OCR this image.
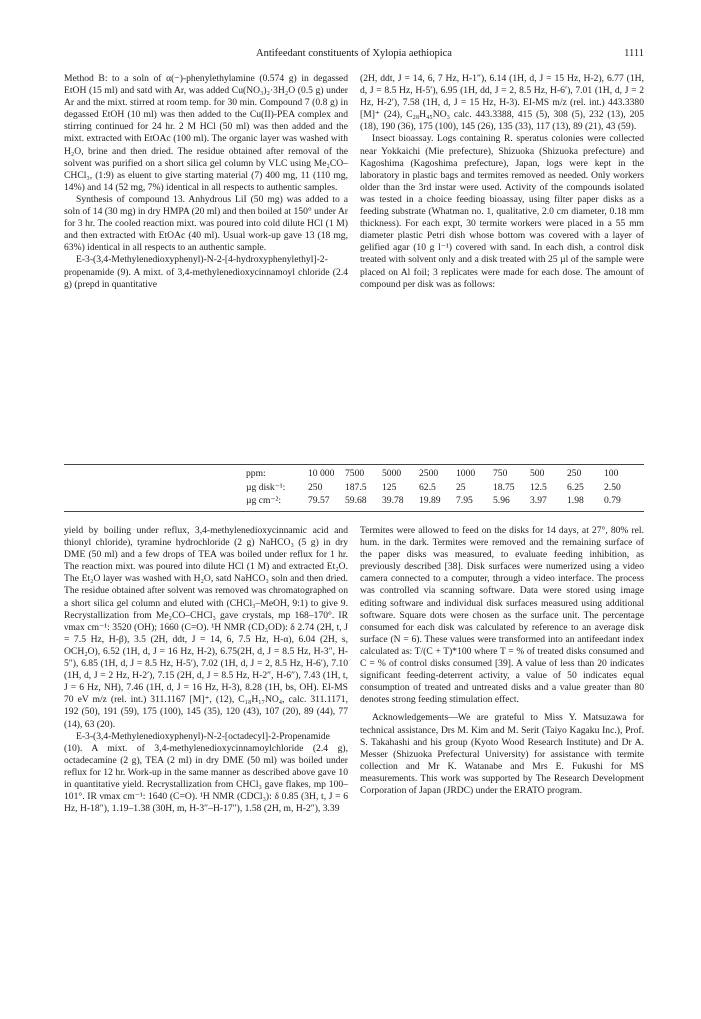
Antifeedant constituents of Xylopia aethiopica	1111

Method B: to a soln of α(−)-phenylethylamine (0.574 g) in degassed EtOH (15 ml) and satd with Ar, was added Cu(NO₃)₂·3H₂O (0.5 g) under Ar and the mixt. stirred at room temp. for 30 min. Compound 7 (0.8 g) in degassed EtOH (10 ml) was then added to the Cu(II)-PEA complex and stirring continued for 24 hr. 2 M HCl (50 ml) was then added and the mixt. extracted with EtOAc (100 ml). The organic layer was washed with H₂O, brine and then dried. The residue obtained after removal of the solvent was purified on a short silica gel column by VLC using Me₂CO–CHCl₃, (1:9) as eluent to give starting material (7) 400 mg, 11 (110 mg, 14%) and 14 (52 mg, 7%) identical in all respects to authentic samples.

Synthesis of compound 13. Anhydrous LiI (50 mg) was added to a soln of 14 (30 mg) in dry HMPA (20 ml) and then boiled at 150° under Ar for 3 hr. The cooled reaction mixt. was poured into cold dilute HCl (1 M) and then extracted with EtOAc (40 ml). Usual work-up gave 13 (18 mg, 63%) identical in all respects to an authentic sample.

E-3-(3,4-Methylenedioxyphenyl)-N-2-[4-hydroxyphenylethyl]-2-propenamide (9). A mixt. of 3,4-methylenedioxycinnamoyl chloride (2.4 g) (prepd in quantitative

(2H, ddt, J = 14, 6, 7 Hz, H-1″), 6.14 (1H, d, J = 15 Hz, H-2), 6.77 (1H, d, J = 8.5 Hz, H-5′), 6.95 (1H, dd, J = 2, 8.5 Hz, H-6′), 7.01 (1H, d, J = 2 Hz, H-2′), 7.58 (1H, d, J = 15 Hz, H-3). EI-MS m/z (rel. int.) 443.3380 [M]⁺ (24), C₂₈H₄₅NO₃ calc. 443.3388, 415 (5), 308 (5), 232 (13), 205 (18), 190 (36), 175 (100), 145 (26), 135 (33), 117 (13), 89 (21), 43 (59).

Insect bioassay. Logs containing R. speratus colonies were collected near Yokkaichi (Mie prefecture), Shizuoka (Shizuoka prefecture) and Kagoshima (Kagoshima prefecture), Japan, logs were kept in the laboratory in plastic bags and termites removed as needed. Only workers older than the 3rd instar were used. Activity of the compounds isolated was tested in a choice feeding bioassay, using filter paper disks as a feeding substrate (Whatman no. 1, qualitative, 2.0 cm diameter, 0.18 mm thickness). For each expt, 30 termite workers were placed in a 55 mm diameter plastic Petri dish whose bottom was covered with a layer of gelified agar (10 g l⁻¹) covered with sand. In each dish, a control disk treated with solvent only and a disk treated with 25 µl of the sample were placed on Al foil; 3 replicates were made for each dose. The amount of compound per disk was as follows:

ppm:	10 000	7500	5000	2500	1000	750	500	250	100
µg disk⁻¹:	250	187.5	125	62.5	25	18.75	12.5	6.25	2.50
µg cm⁻²:	79.57	59.68	39.78	19.89	7.95	5.96	3.97	1.98	0.79

yield by boiling under reflux, 3,4-methylenedioxycinnamic acid and thionyl chloride), tyramine hydrochloride (2 g) NaHCO₃ (5 g) in dry DME (50 ml) and a few drops of TEA was boiled under reflux for 1 hr. The reaction mixt. was poured into dilute HCl (1 M) and extracted Et₂O. The Et₂O layer was washed with H₂O, satd NaHCO₃ soln and then dried. The residue obtained after solvent was removed was chromatographed on a short silica gel column and eluted with (CHCl₃–MeOH, 9:1) to give 9. Recrystallization from Me₂CO–CHCl₃ gave crystals, mp 168–170°. IR νmax cm⁻¹: 3520 (OH); 1660 (C=O). ¹H NMR (CD₃OD): δ 2.74 (2H, t, J = 7.5 Hz, H-β), 3.5 (2H, ddt, J = 14, 6, 7.5 Hz, H-α), 6.04 (2H, s, OCH₂O), 6.52 (1H, d, J = 16 Hz, H-2), 6.75(2H, d, J = 8.5 Hz, H-3″, H-5″), 6.85 (1H, d, J = 8.5 Hz, H-5′), 7.02 (1H, d, J = 2, 8.5 Hz, H-6′), 7.10 (1H, d, J = 2 Hz, H-2′), 7.15 (2H, d, J = 8.5 Hz, H-2″, H-6″), 7.43 (1H, t, J = 6 Hz, NH), 7.46 (1H, d, J = 16 Hz, H-3), 8.28 (1H, bs, OH). EI-MS 70 eV m/z (rel. int.) 311.1167 [M]⁺, (12), C₁₈H₁₇NO₄, calc. 311.1171, 192 (50), 191 (59), 175 (100), 145 (35), 120 (43), 107 (20), 89 (44), 77 (14), 63 (20).

E-3-(3,4-Methylenedioxyphenyl)-N-2-[octadecyl]-2-Propenamide (10). A mixt. of 3,4-methylenedioxycinnamoylchloride (2.4 g), octadecamine (2 g), TEA (2 ml) in dry DME (50 ml) was boiled under reflux for 12 hr. Work-up in the same manner as described above gave 10 in quantitative yield. Recrystallization from CHCl₃ gave flakes, mp 100–101°. IR νmax cm⁻¹: 1640 (C=O). ¹H NMR (CDCl₃): δ 0.85 (3H, t, J = 6 Hz, H-18″), 1.19–1.38 (30H, m, H-3″–H-17″), 1.58 (2H, m, H-2″), 3.39

Termites were allowed to feed on the disks for 14 days, at 27°, 80% rel. hum. in the dark. Termites were removed and the remaining surface of the paper disks was measured, to evaluate feeding inhibition, as previously described [38]. Disk surfaces were numerized using a video camera connected to a computer, through a video interface. The process was controlled via scanning software. Data were stored using image editing software and individual disk surfaces measured using additional software. Square dots were chosen as the surface unit. The percentage consumed for each disk was calculated by reference to an average disk surface (N = 6). These values were transformed into an antifeedant index calculated as: T/(C + T)*100 where T = % of treated disks consumed and C = % of control disks consumed [39]. A value of less than 20 indicates significant feeding-deterrent activity, a value of 50 indicates equal consumption of treated and untreated disks and a value greater than 80 denotes strong feeding stimulation effect.

Acknowledgements—We are grateful to Miss Y. Matsuzawa for technical assistance, Drs M. Kim and M. Serit (Taiyo Kagaku Inc.), Prof. S. Takahashi and his group (Kyoto Wood Research Institute) and Dr A. Messer (Shizuoka Prefectural University) for assistance with termite collection and Mr K. Watanabe and Mrs E. Fukushi for MS measurements. This work was supported by The Research Development Corporation of Japan (JRDC) under the ERATO program.
